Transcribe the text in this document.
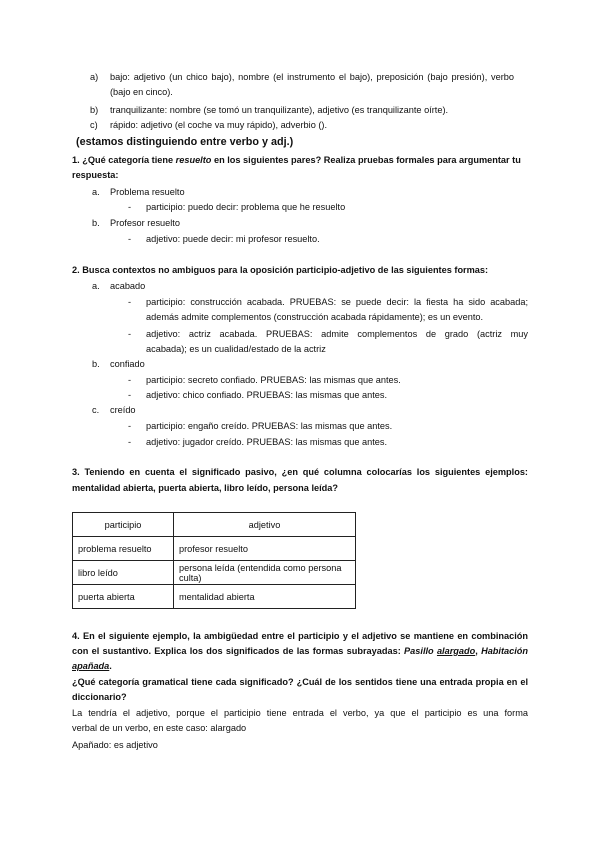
a) bajo: adjetivo (un chico bajo), nombre (el instrumento el bajo), preposición (bajo presión), verbo
(bajo en cinco).
b) tranquilizante: nombre (se tomó un tranquilizante), adjetivo (es tranquilizante oírte).
c) rápido: adjetivo (el coche va muy rápido), adverbio ().
(estamos distinguiendo entre verbo y adj.)
1. ¿Qué categoría tiene resuelto en los siguientes pares? Realiza pruebas formales para argumentar tu
respuesta:
a. Problema resuelto
- participio: puedo decir: problema que he resuelto
b. Profesor resuelto
- adjetivo: puede decir: mi profesor resuelto.
2. Busca contextos no ambiguos para la oposición participio-adjetivo de las siguientes formas:
a. acabado
- participio: construcción acabada. PRUEBAS: se puede decir: la fiesta ha sido acabada;
además admite complementos (construcción acabada rápidamente); es un evento.
- adjetivo: actriz acabada. PRUEBAS: admite complementos de grado (actriz muy
acabada); es un cualidad/estado de la actriz
b. confiado
- participio: secreto confiado. PRUEBAS: las mismas que antes.
- adjetivo: chico confiado. PRUEBAS: las mismas que antes.
c. creído
- participio: engaño creído. PRUEBAS: las mismas que antes.
- adjetivo: jugador creído. PRUEBAS: las mismas que antes.
3. Teniendo en cuenta el significado pasivo, ¿en qué columna colocarías los siguientes ejemplos:
mentalidad abierta, puerta abierta, libro leído, persona leída?
participio	adjetivo
problema resuelto	profesor resuelto
libro leído	persona leída (entendida como persona culta)
puerta abierta	mentalidad abierta
4. En el siguiente ejemplo, la ambigüedad entre el participio y el adjetivo se mantiene en combinación
con el sustantivo. Explica los dos significados de las formas subrayadas: Pasillo alargado, Habitación
apañada.
¿Qué categoría gramatical tiene cada significado? ¿Cuál de los sentidos tiene una entrada propia en el
diccionario?
La tendría el adjetivo, porque el participio tiene entrada el verbo, ya que el participio es una forma
verbal de un verbo, en este caso: alargado
Apañado: es adjetivo
